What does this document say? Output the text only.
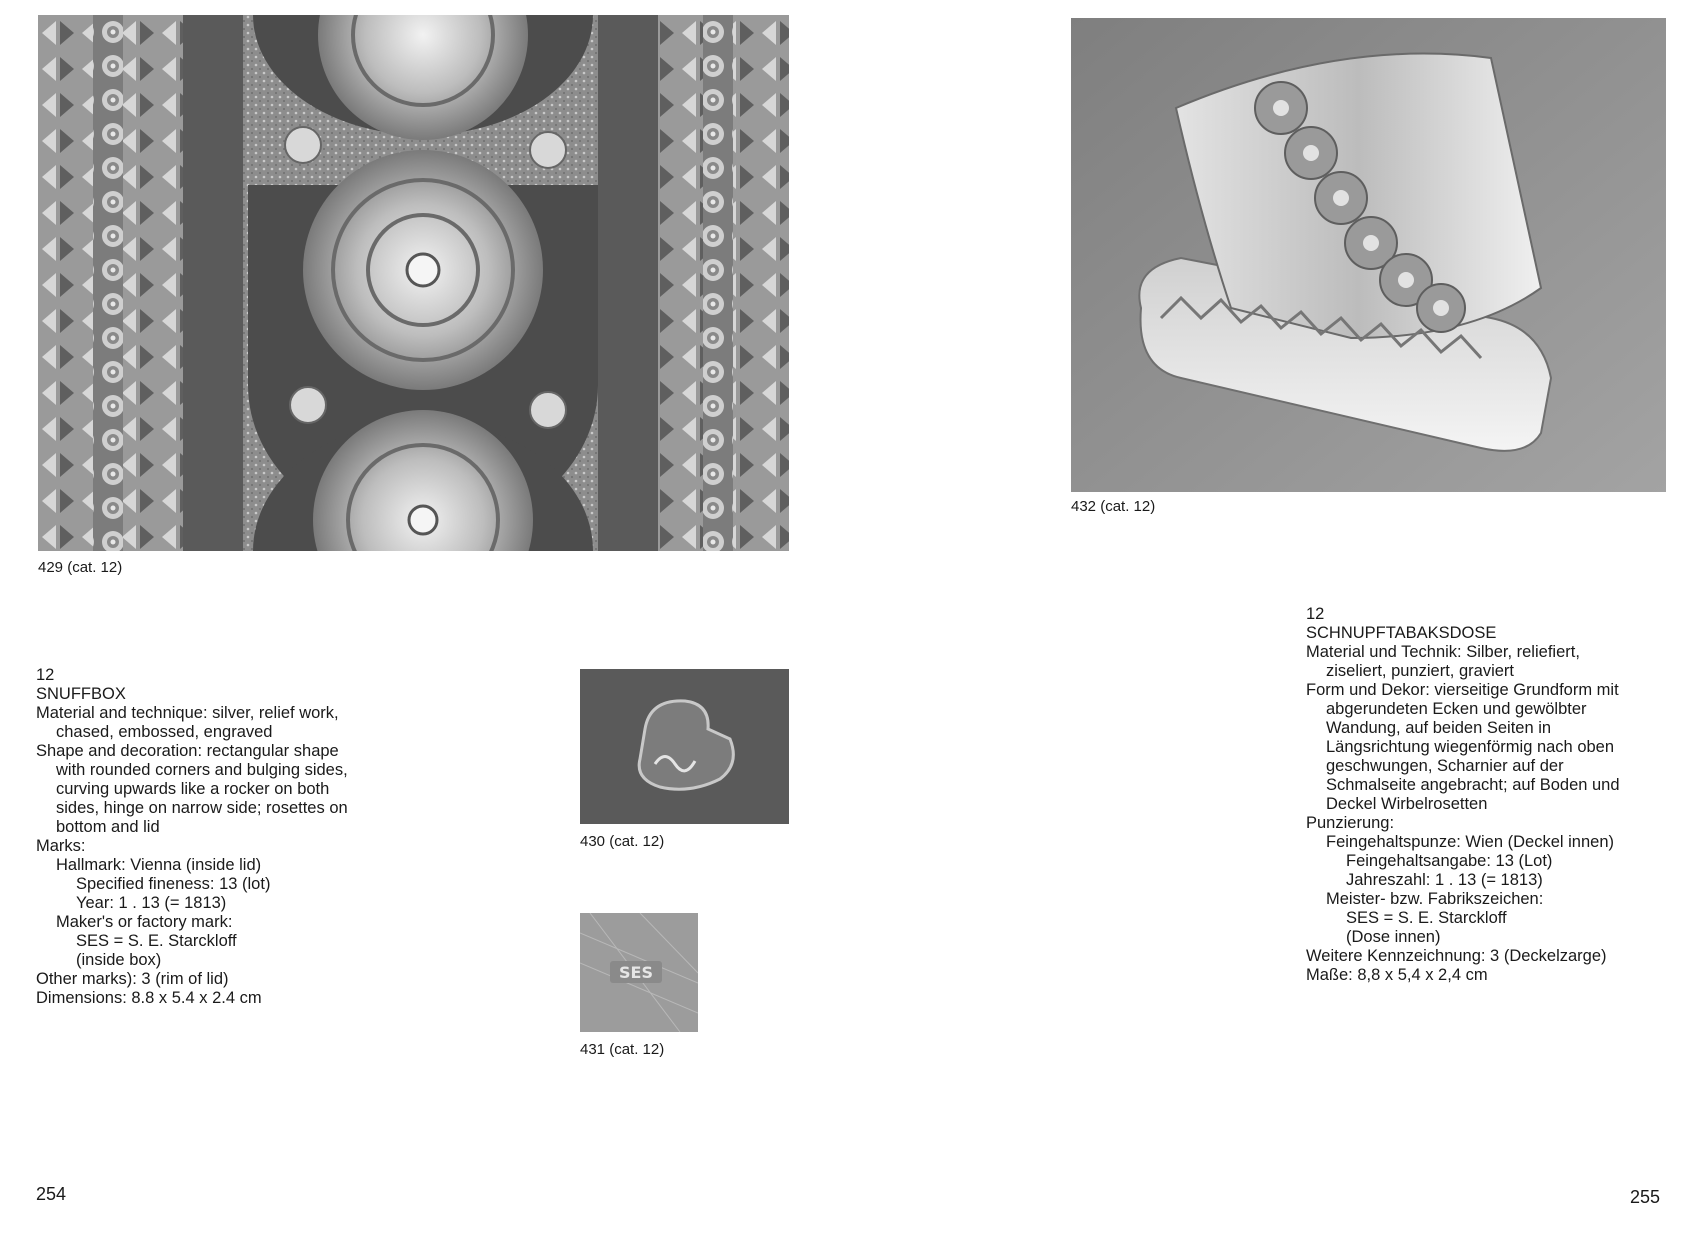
429 (cat. 12)
432 (cat. 12)
430 (cat. 12)
SES
431 (cat. 12)
12
SNUFFBOX
Material and technique: silver, relief work,
chased, embossed, engraved
Shape and decoration: rectangular shape
with rounded corners and bulging sides,
curving upwards like a rocker on both
sides, hinge on narrow side; rosettes on
bottom and lid
Marks:
Hallmark: Vienna (inside lid)
Specified fineness: 13 (lot)
Year: 1 . 13 (= 1813)
Maker's or factory mark:
SES = S. E. Starckloff
(inside box)
Other marks): 3 (rim of lid)
Dimensions: 8.8 x 5.4 x 2.4 cm
12
SCHNUPFTABAKSDOSE
Material und Technik: Silber, reliefiert,
ziseliert, punziert, graviert
Form und Dekor: vierseitige Grundform mit
abgerundeten Ecken und gewölbter
Wandung, auf beiden Seiten in
Längsrichtung wiegenförmig nach oben
geschwungen, Scharnier auf der
Schmalseite angebracht; auf Boden und
Deckel Wirbelrosetten
Punzierung:
Feingehaltspunze: Wien (Deckel innen)
Feingehaltsangabe: 13 (Lot)
Jahreszahl: 1 . 13 (= 1813)
Meister- bzw. Fabrikszeichen:
SES = S. E. Starckloff
(Dose innen)
Weitere Kennzeichnung: 3 (Deckelzarge)
Maße: 8,8 x 5,4 x 2,4 cm
254	255
